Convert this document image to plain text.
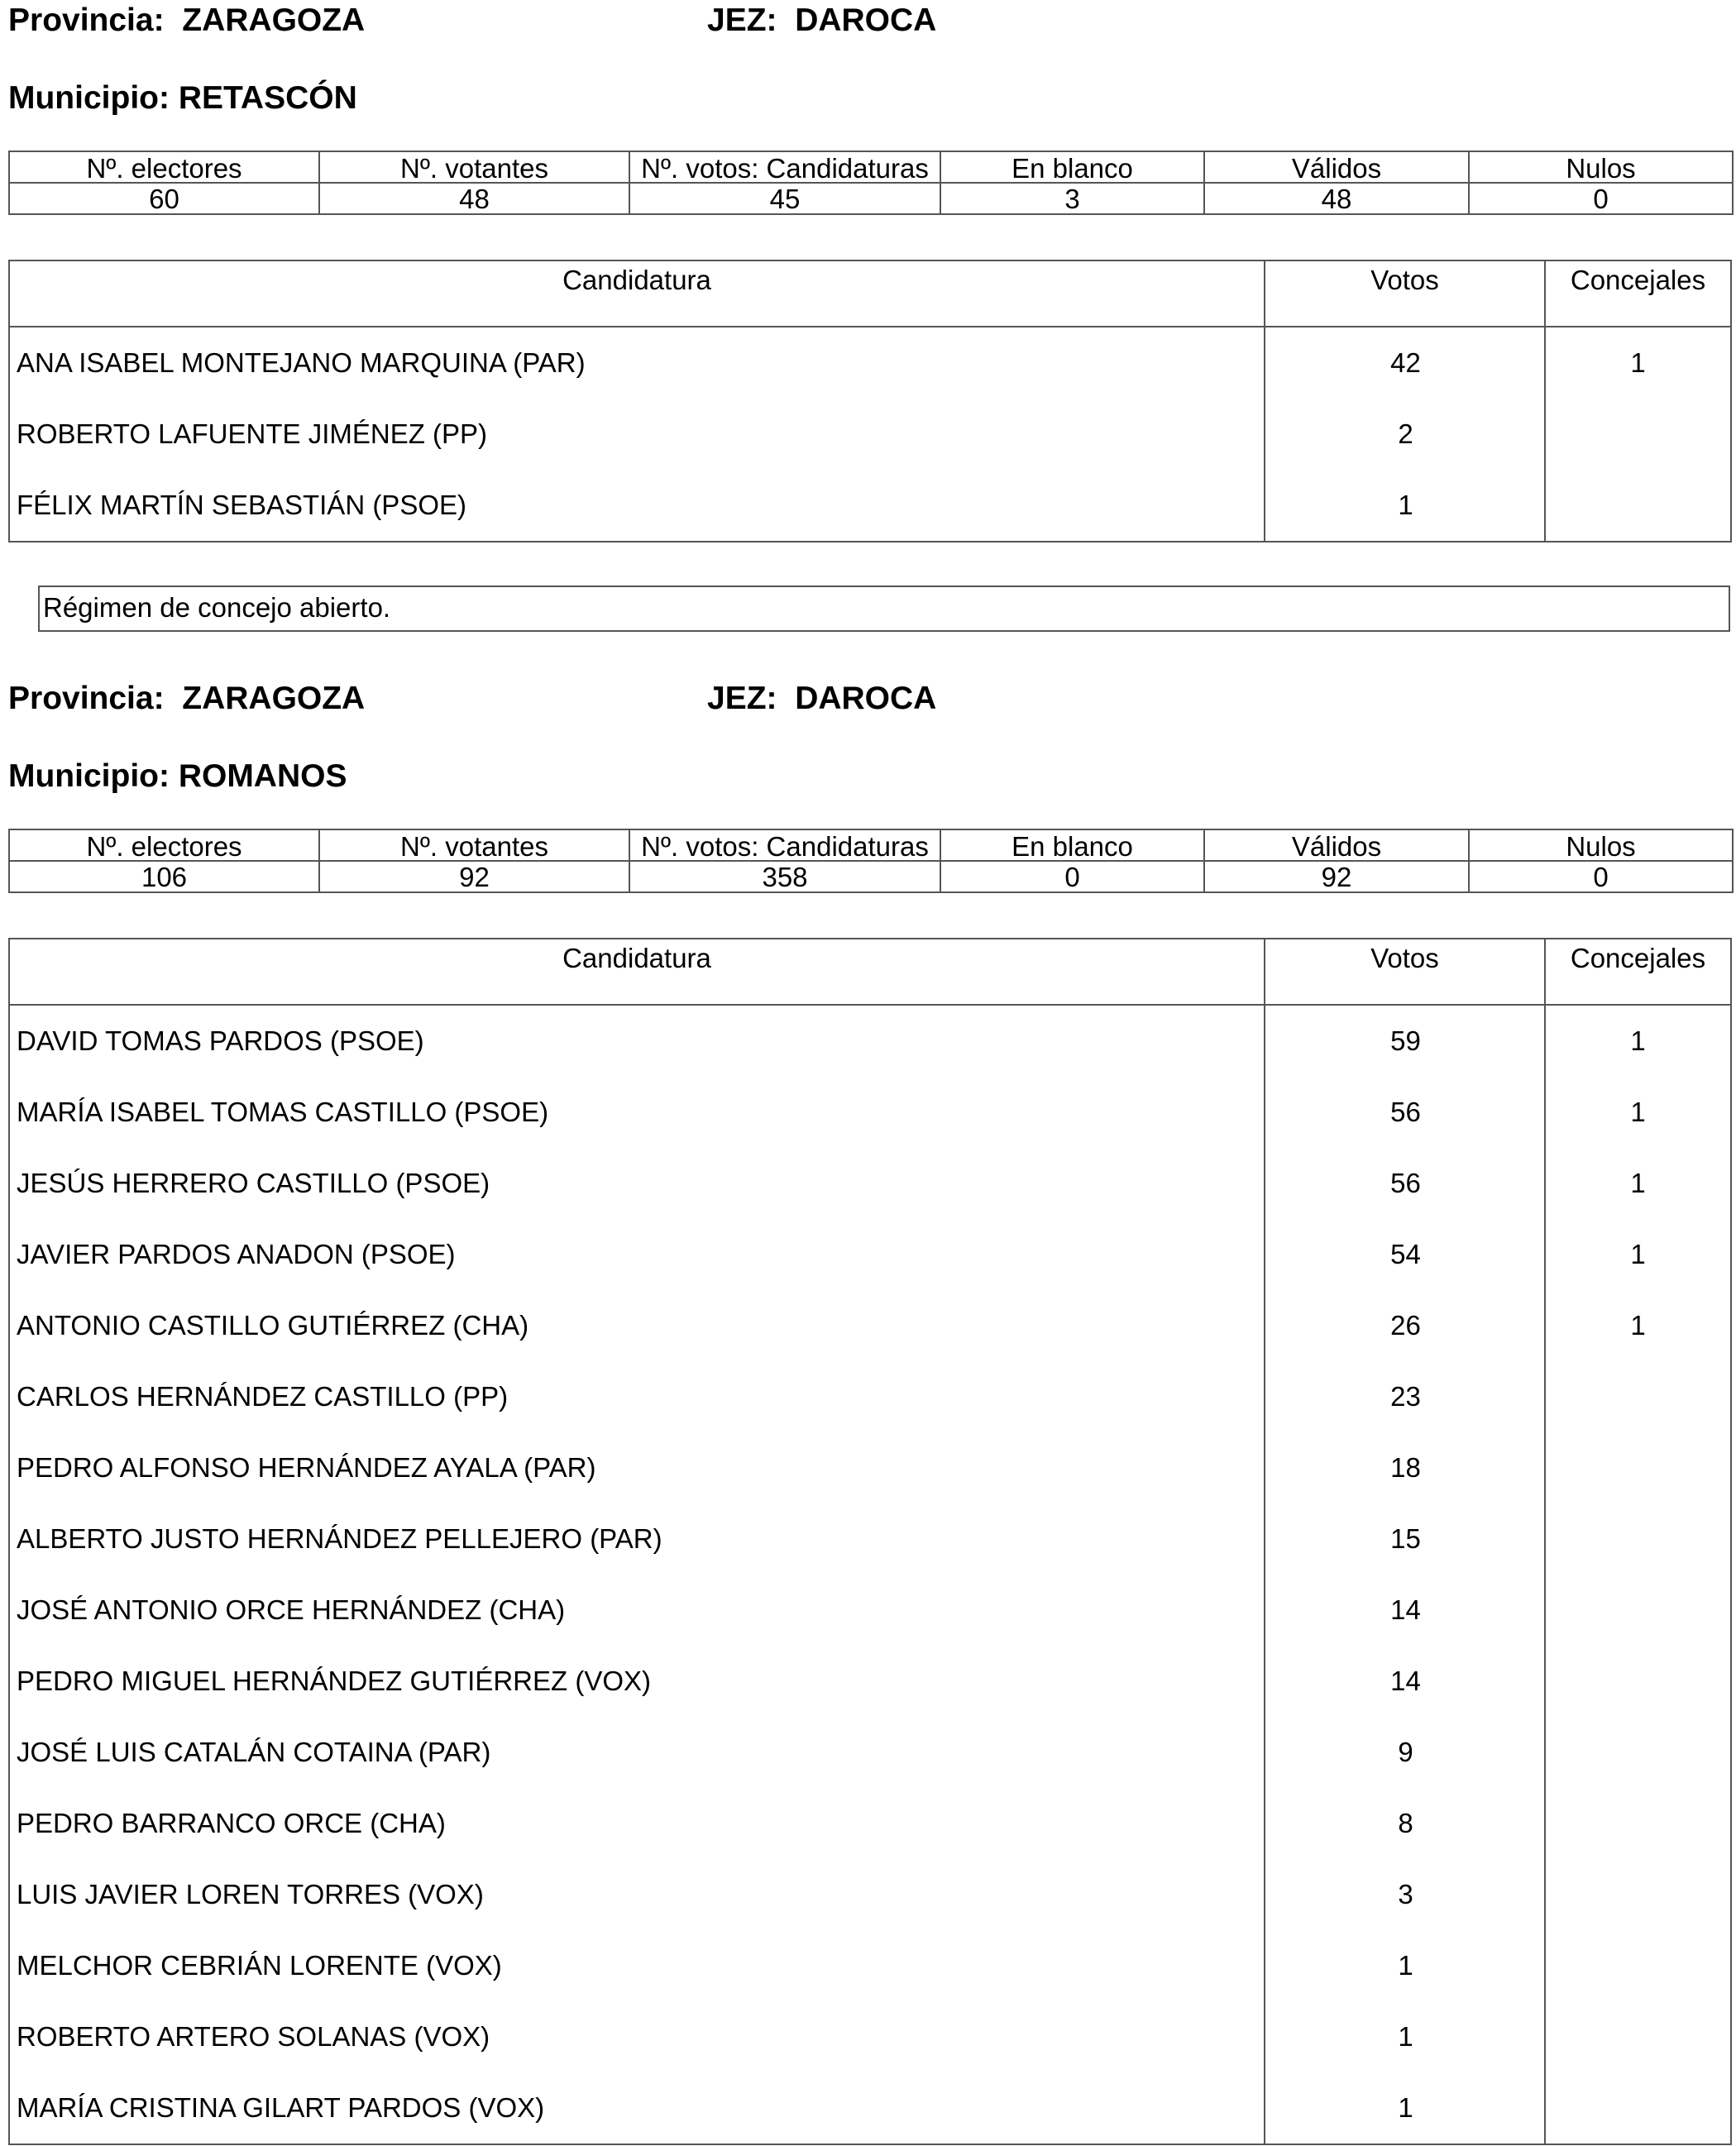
Provincia: ZARAGOZA	JEZ: DAROCA
Municipio: RETASCÓN
Nº. electores	Nº. votantes	Nº. votos: Candidaturas	En blanco	Válidos	Nulos
60	48	45	3	48	0
Candidatura	Votos	Concejales
ANA ISABEL MONTEJANO MARQUINA (PAR)	42	1
ROBERTO LAFUENTE JIMÉNEZ (PP)	2
FÉLIX MARTÍN SEBASTIÁN (PSOE)	1
Régimen de concejo abierto.
Provincia: ZARAGOZA	JEZ: DAROCA
Municipio: ROMANOS
Nº. electores	Nº. votantes	Nº. votos: Candidaturas	En blanco	Válidos	Nulos
106	92	358	0	92	0
Candidatura	Votos	Concejales
DAVID TOMAS PARDOS (PSOE)	59	1
MARÍA ISABEL TOMAS CASTILLO (PSOE)	56	1
JESÚS HERRERO CASTILLO (PSOE)	56	1
JAVIER PARDOS ANADON (PSOE)	54	1
ANTONIO CASTILLO GUTIÉRREZ (CHA)	26	1
CARLOS HERNÁNDEZ CASTILLO (PP)	23
PEDRO ALFONSO HERNÁNDEZ AYALA (PAR)	18
ALBERTO JUSTO HERNÁNDEZ PELLEJERO (PAR)	15
JOSÉ ANTONIO ORCE HERNÁNDEZ (CHA)	14
PEDRO MIGUEL HERNÁNDEZ GUTIÉRREZ (VOX)	14
JOSÉ LUIS CATALÁN COTAINA (PAR)	9
PEDRO BARRANCO ORCE (CHA)	8
LUIS JAVIER LOREN TORRES (VOX)	3
MELCHOR CEBRIÁN LORENTE (VOX)	1
ROBERTO ARTERO SOLANAS (VOX)	1
MARÍA CRISTINA GILART PARDOS (VOX)	1
